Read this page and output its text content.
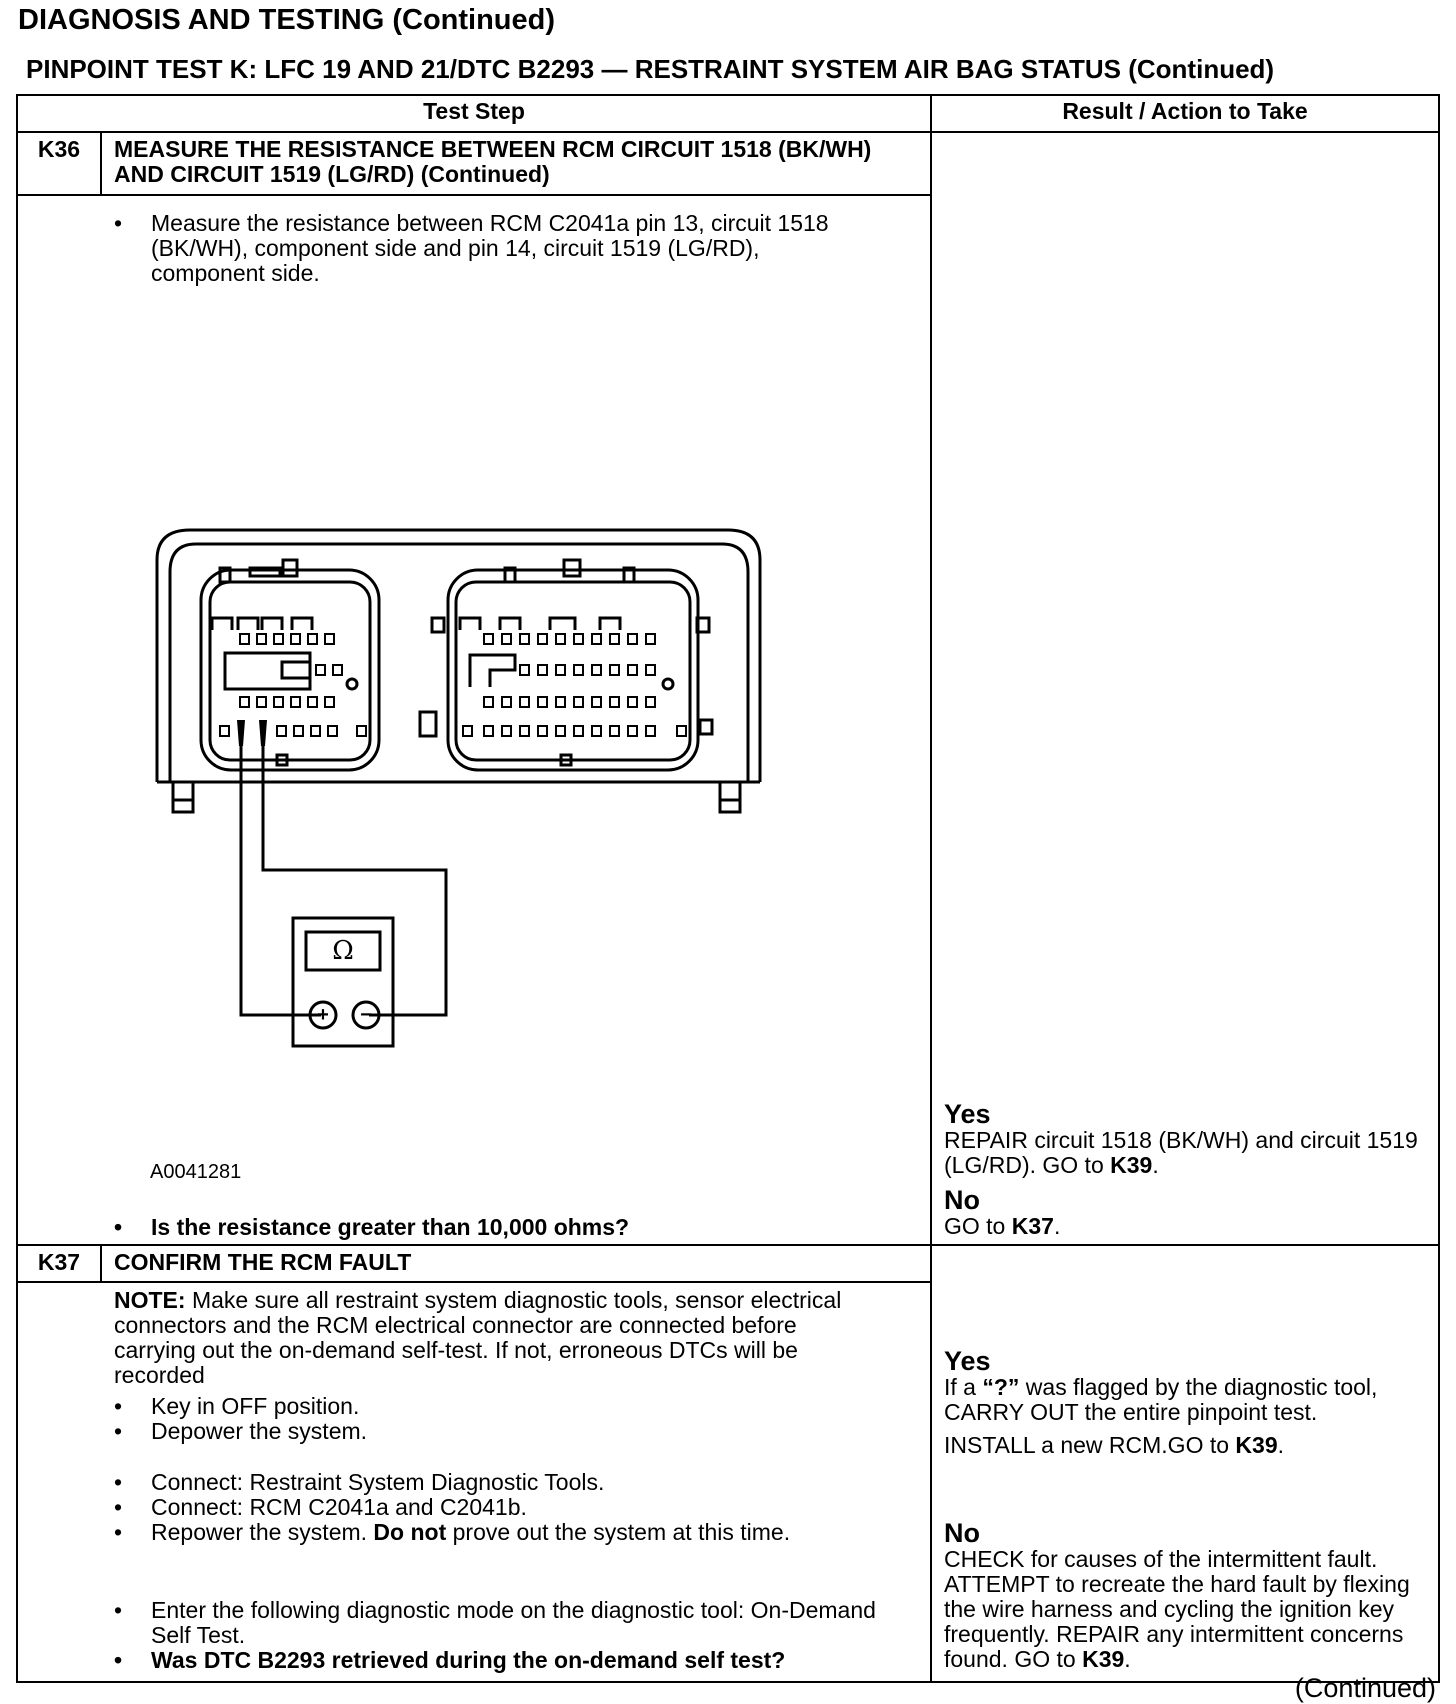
DIAGNOSIS AND TESTING (Continued)
PINPOINT TEST K: LFC 19 AND 21/DTC B2293 — RESTRAINT SYSTEM AIR BAG STATUS (Continued)
Test Step	Result / Action to Take
K36	MEASURE THE RESISTANCE BETWEEN RCM CIRCUIT 1518 (BK/WH) AND CIRCUIT 1519 (LG/RD) (Continued)
• Measure the resistance between RCM C2041a pin 13, circuit 1518 (BK/WH), component side and pin 14, circuit 1519 (LG/RD), component side.
Ω
+	−
A0041281
• Is the resistance greater than 10,000 ohms?
Yes

REPAIR circuit 1518 (BK/WH) and circuit 1519 (LG/RD). GO to K39.

No

GO to K37.

K37	CONFIRM THE RCM FAULT
NOTE: Make sure all restraint system diagnostic tools, sensor electrical connectors and the RCM electrical connector are connected before carrying out the on-demand self-test. If not, erroneous DTCs will be recorded
• Key in OFF position.
• Depower the system.
• Connect: Restraint System Diagnostic Tools.
• Connect: RCM C2041a and C2041b.
• Repower the system. Do not prove out the system at this time.
• Enter the following diagnostic mode on the diagnostic tool: On-Demand Self Test.
• Was DTC B2293 retrieved during the on-demand self test?
Yes

If a “?” was flagged by the diagnostic tool, CARRY OUT the entire pinpoint test.

INSTALL a new RCM.GO to K39.

No

CHECK for causes of the intermittent fault. ATTEMPT to recreate the hard fault by flexing the wire harness and cycling the ignition key frequently. REPAIR any intermittent concerns found. GO to K39.

(Continued)
